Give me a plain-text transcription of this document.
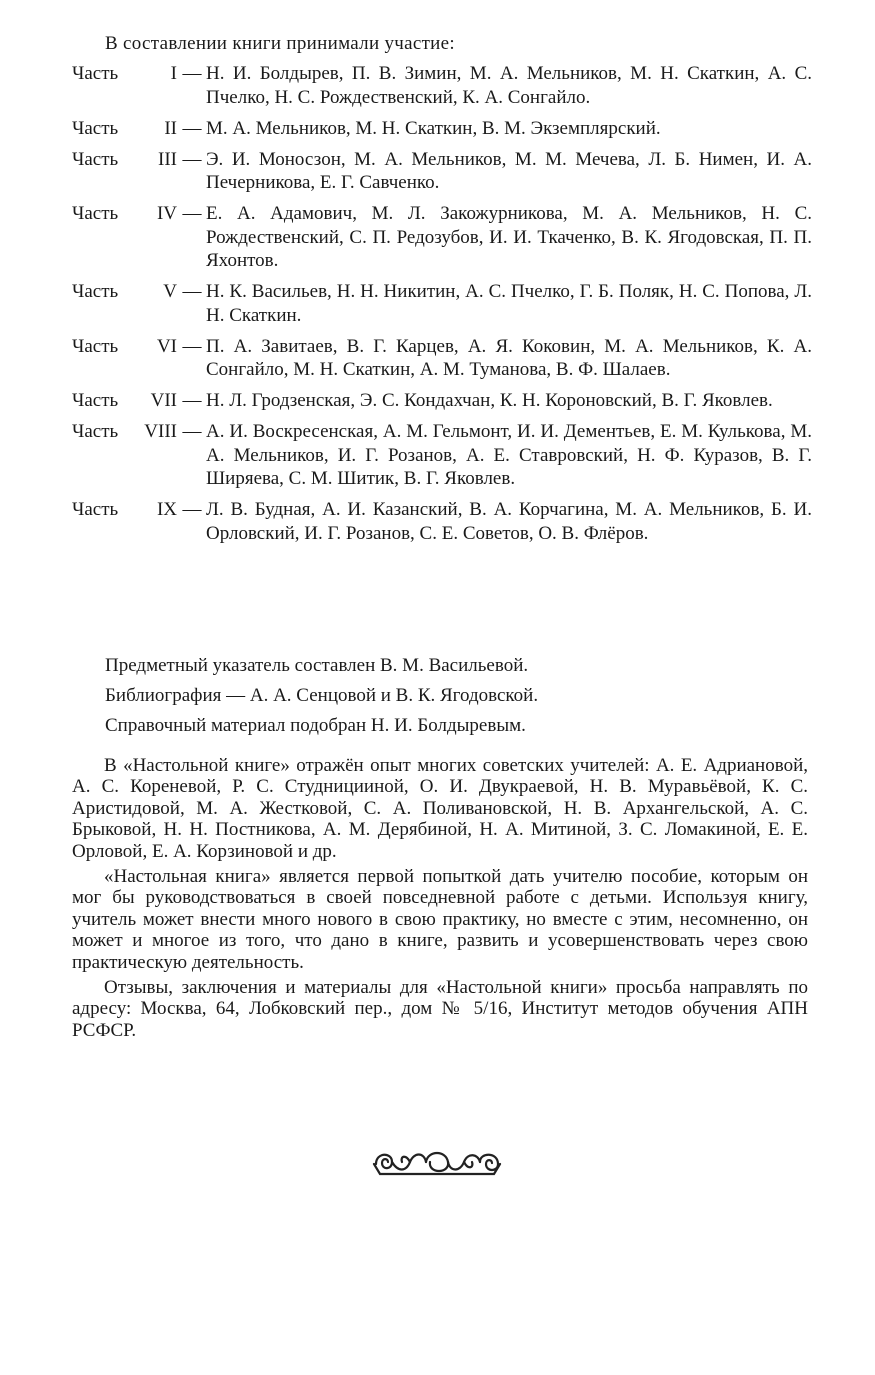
В составлении книги принимали участие:
Часть	I — Н. И. Болдырев, П. В. Зимин, М. А. Мельников, М. Н. Скаткин, А. С. Пчелко, Н. С. Рождественский, К. А. Сонгайло.
Часть	II — М. А. Мельников, М. Н. Скаткин, В. М. Экземплярский.
Часть	III — Э. И. Моносзон, М. А. Мельников, М. М. Мечева, Л. Б. Нимен, И. А. Печерникова, Е. Г. Савченко.
Часть	IV — Е. А. Адамович, М. Л. Закожурникова, М. А. Мельников, Н. С. Рождественский, С. П. Редозубов, И. И. Ткаченко, В. К. Ягодовская, П. П. Яхонтов.
Часть	V — Н. К. Васильев, Н. Н. Никитин, А. С. Пчелко, Г. Б. Поляк, Н. С. Попова, Л. Н. Скаткин.
Часть	VI — П. А. Завитаев, В. Г. Карцев, А. Я. Коковин, М. А. Мельников, К. А. Сонгайло, М. Н. Скаткин, А. М. Туманова, В. Ф. Шалаев.
Часть	VII — Н. Л. Гродзенская, Э. С. Кондахчан, К. Н. Короновский, В. Г. Яковлев.
Часть	VIII — А. И. Воскресенская, А. М. Гельмонт, И. И. Дементьев, Е. М. Кулькова, М. А. Мельников, И. Г. Розанов, А. Е. Ставровский, Н. Ф. Куразов, В. Г. Ширяева, С. М. Шитик, В. Г. Яковлев.
Часть	IX — Л. В. Будная, А. И. Казанский, В. А. Корчагина, М. А. Мельников, Б. И. Орловский, И. Г. Розанов, С. Е. Советов, О. В. Флёров.
Предметный указатель составлен В. М. Васильевой.
Библиография — А. А. Сенцовой и В. К. Ягодовской.
Справочный материал подобран Н. И. Болдыревым.

В «Настольной книге» отражён опыт многих советских учителей: А. Е. Адриановой, А. С. Кореневой, Р. С. Студницииной, О. И. Двукраевой, Н. В. Муравьёвой, К. С. Аристидовой, М. А. Жестковой, С. А. Поливановской, Н. В. Архангельской, А. С. Брыковой, Н. Н. Постникова, А. М. Дерябиной, Н. А. Митиной, З. С. Ломакиной, Е. Е. Орловой, Е. А. Корзиновой и др.

«Настольная книга» является первой попыткой дать учителю пособие, которым он мог бы руководствоваться в своей повседневной работе с детьми. Используя книгу, учитель может внести много нового в свою практику, но вместе с этим, несомненно, он может и многое из того, что дано в книге, развить и усовершенствовать через свою практическую деятельность.

Отзывы, заключения и материалы для «Настольной книги» просьба направлять по адресу: Москва, 64, Лобковский пер., дом № 5/16, Институт методов обучения АПН РСФСР.
